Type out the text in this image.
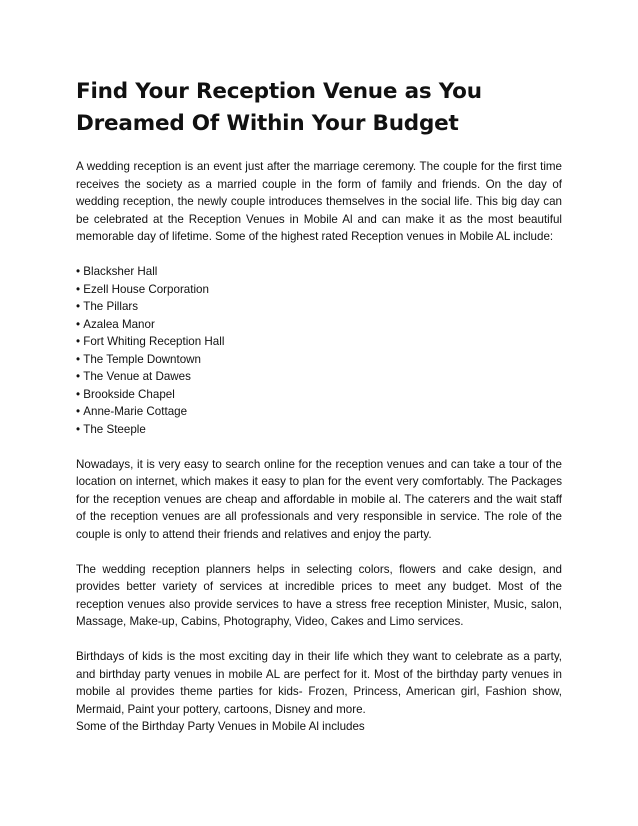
Find Your Reception Venue as You Dreamed Of Within Your Budget

A wedding reception is an event just after the marriage ceremony. The couple for the first time receives the society as a married couple in the form of family and friends. On the day of wedding reception, the newly couple introduces themselves in the social life. This big day can be celebrated at the Reception Venues in Mobile Al and can make it as the most beautiful memorable day of lifetime. Some of the highest rated Reception venues in Mobile AL include:

• Blacksher Hall
• Ezell House Corporation
• The Pillars
• Azalea Manor
• Fort Whiting Reception Hall
• The Temple Downtown
• The Venue at Dawes
• Brookside Chapel
• Anne-Marie Cottage
• The Steeple

Nowadays, it is very easy to search online for the reception venues and can take a tour of the location on internet, which makes it easy to plan for the event very comfortably. The Packages for the reception venues are cheap and affordable in mobile al. The caterers and the wait staff of the reception venues are all professionals and very responsible in service. The role of the couple is only to attend their friends and relatives and enjoy the party.

The wedding reception planners helps in selecting colors, flowers and cake design, and provides better variety of services at incredible prices to meet any budget. Most of the reception venues also provide services to have a stress free reception Minister, Music, salon, Massage, Make-up, Cabins, Photography, Video, Cakes and Limo services.

Birthdays of kids is the most exciting day in their life which they want to celebrate as a party, and birthday party venues in mobile AL are perfect for it. Most of the birthday party venues in mobile al provides theme parties for kids- Frozen, Princess, American girl, Fashion show, Mermaid, Paint your pottery, cartoons, Disney and more.

Some of the Birthday Party Venues in Mobile Al includes
